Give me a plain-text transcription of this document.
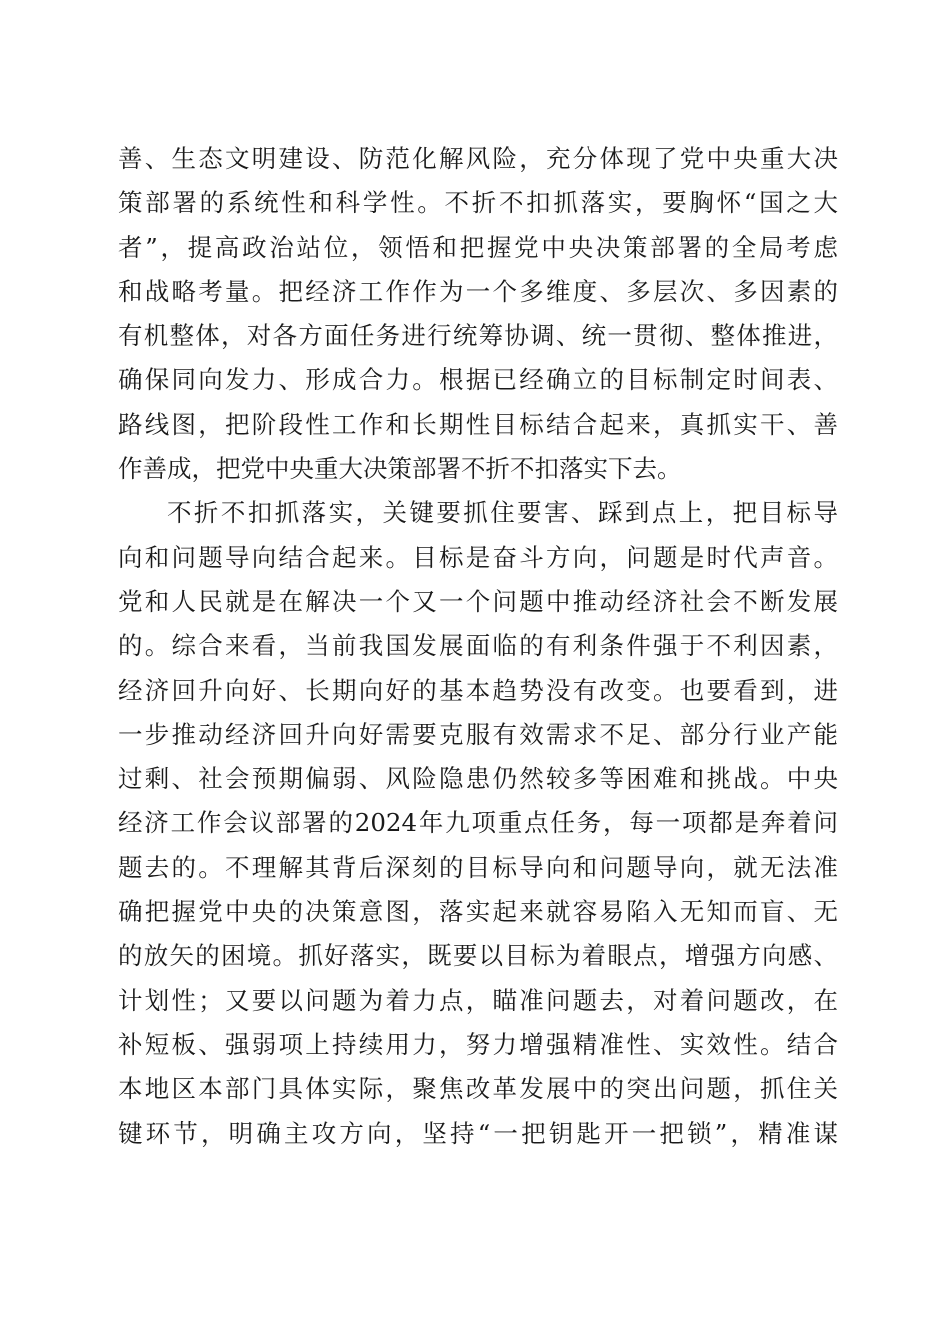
善、生态文明建设、防范化解风险，充分体现了党中央重大决
策部署的系统性和科学性。不折不扣抓落实，要胸怀“国之大
者”，提高政治站位，领悟和把握党中央决策部署的全局考虑
和战略考量。把经济工作作为一个多维度、多层次、多因素的
有机整体，对各方面任务进行统筹协调、统一贯彻、整体推进，
确保同向发力、形成合力。根据已经确立的目标制定时间表、
路线图，把阶段性工作和长期性目标结合起来，真抓实干、善
作善成，把党中央重大决策部署不折不扣落实下去。
不折不扣抓落实，关键要抓住要害、踩到点上，把目标导
向和问题导向结合起来。目标是奋斗方向，问题是时代声音。
党和人民就是在解决一个又一个问题中推动经济社会不断发展
的。综合来看，当前我国发展面临的有利条件强于不利因素，
经济回升向好、长期向好的基本趋势没有改变。也要看到，进
一步推动经济回升向好需要克服有效需求不足、部分行业产能
过剩、社会预期偏弱、风险隐患仍然较多等困难和挑战。中央
经济工作会议部署的2024年九项重点任务，每一项都是奔着问
题去的。不理解其背后深刻的目标导向和问题导向，就无法准
确把握党中央的决策意图，落实起来就容易陷入无知而盲、无
的放矢的困境。抓好落实，既要以目标为着眼点，增强方向感、
计划性；又要以问题为着力点，瞄准问题去，对着问题改，在
补短板、强弱项上持续用力，努力增强精准性、实效性。结合
本地区本部门具体实际，聚焦改革发展中的突出问题，抓住关
键环节，明确主攻方向，坚持“一把钥匙开一把锁”，精准谋
